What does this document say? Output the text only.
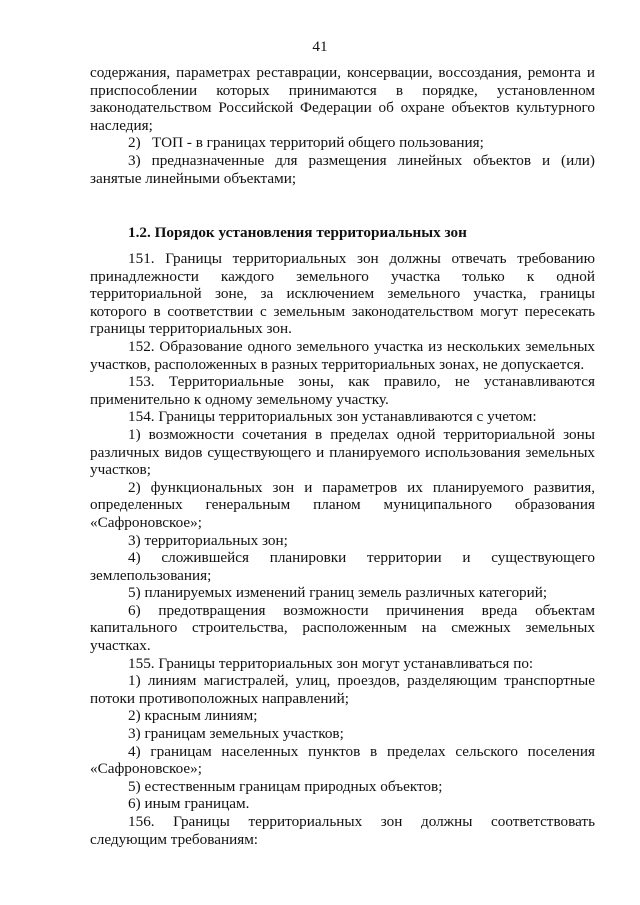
41

содержания, параметрах реставрации, консервации, воссоздания, ремонта и приспособлении которых принимаются в порядке, установленном законодательством Российской Федерации об охране объектов культурного наследия;

2)   ТОП - в границах территорий общего пользования;

3) предназначенные для размещения линейных объектов и (или) занятые линейными объектами;

1.2. Порядок установления территориальных зон

151. Границы территориальных зон должны отвечать требованию принадлежности каждого земельного участка только к одной территориальной зоне, за исключением земельного участка, границы которого в соответствии с земельным законодательством могут пересекать границы территориальных зон.

152. Образование одного земельного участка из нескольких земельных участков, расположенных в разных территориальных зонах, не допускается.

153. Территориальные зоны, как правило, не устанавливаются применительно к одному земельному участку.

154. Границы территориальных зон устанавливаются с учетом:

1) возможности сочетания в пределах одной территориальной зоны различных видов существующего и планируемого использования земельных участков;

2) функциональных зон и параметров их планируемого развития, определенных генеральным планом муниципального образования «Сафроновское»;

3) территориальных зон;

4) сложившейся планировки территории и существующего землепользования;

5) планируемых изменений границ земель различных категорий;

6) предотвращения возможности причинения вреда объектам капитального строительства, расположенным на смежных земельных участках.

155. Границы территориальных зон могут устанавливаться по:

1) линиям магистралей, улиц, проездов, разделяющим транспортные потоки противоположных направлений;

2) красным линиям;

3) границам земельных участков;

4) границам населенных пунктов в пределах сельского поселения «Сафроновское»;

5) естественным границам природных объектов;

6) иным границам.

156. Границы территориальных зон должны соответствовать следующим требованиям:
